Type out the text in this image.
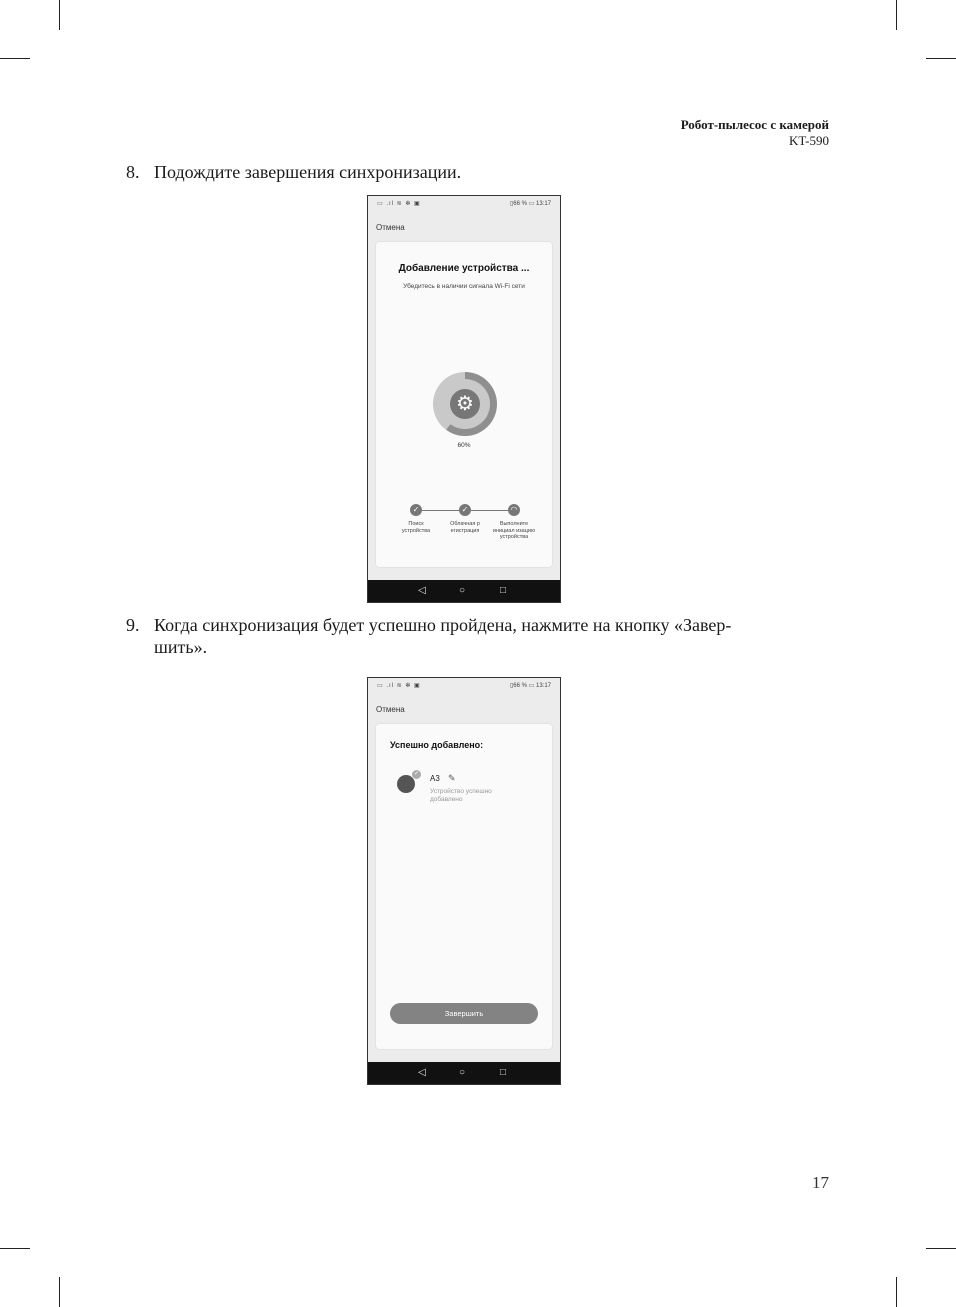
Робот-пылесос с камерой
KT-590
8. Подождите завершения синхронизации.
▭ .ıl ≋ ✻ ▣	▯66 % ▭ 13:17
Отмена
Добавление устройства ...
Убедитесь в наличии сигнала Wi-Fi сети
⚙
60%
✓	✓	◠
Поиск устройства
Облачная р егистрация
Выполните инициал изацию устройства
◁	○	□
9. Когда синхронизация будет успешно пройдена, нажмите на кнопку «Завер-
шить».
▭ .ıl ≋ ✻ ▣	▯66 % ▭ 13:17
Отмена
Успешно добавлено:
✓ A3 ✎
Устройство успешно добавлено
Завершить
◁	○	□
17
